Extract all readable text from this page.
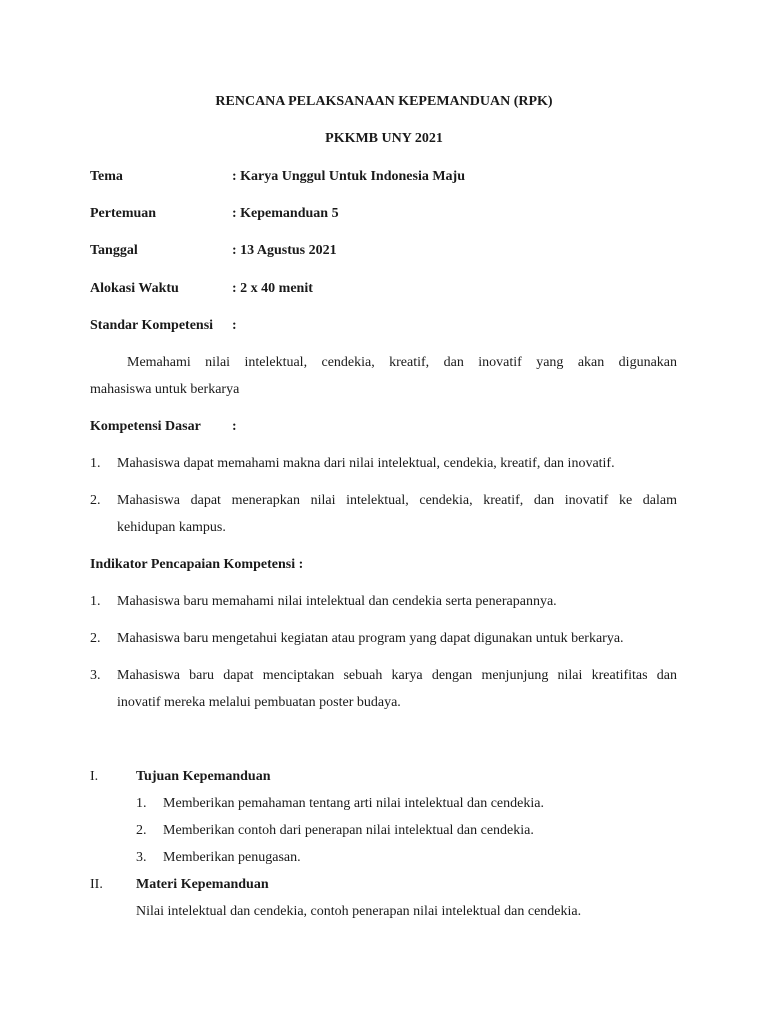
RENCANA PELAKSANAAN KEPEMANDUAN (RPK)
PKKMB UNY 2021
Tema	: Karya Unggul Untuk Indonesia Maju
Pertemuan	: Kepemanduan 5
Tanggal	: 13 Agustus 2021
Alokasi Waktu	: 2 x 40 menit
Standar Kompetensi :
Memahami nilai intelektual, cendekia, kreatif, dan inovatif yang akan digunakan
mahasiswa untuk berkarya
Kompetensi Dasar :
1. Mahasiswa dapat memahami makna dari nilai intelektual, cendekia, kreatif, dan inovatif.
2. Mahasiswa dapat menerapkan nilai intelektual, cendekia, kreatif, dan inovatif ke dalam
kehidupan kampus.
Indikator Pencapaian Kompetensi :
1. Mahasiswa baru memahami nilai intelektual dan cendekia serta penerapannya.
2. Mahasiswa baru mengetahui kegiatan atau program yang dapat digunakan untuk berkarya.
3. Mahasiswa baru dapat menciptakan sebuah karya dengan menjunjung nilai kreatifitas dan
inovatif mereka melalui pembuatan poster budaya.
I.	Tujuan Kepemanduan
1. Memberikan pemahaman tentang arti nilai intelektual dan cendekia.
2. Memberikan contoh dari penerapan nilai intelektual dan cendekia.
3. Memberikan penugasan.
II. Materi Kepemanduan
Nilai intelektual dan cendekia, contoh penerapan nilai intelektual dan cendekia.
